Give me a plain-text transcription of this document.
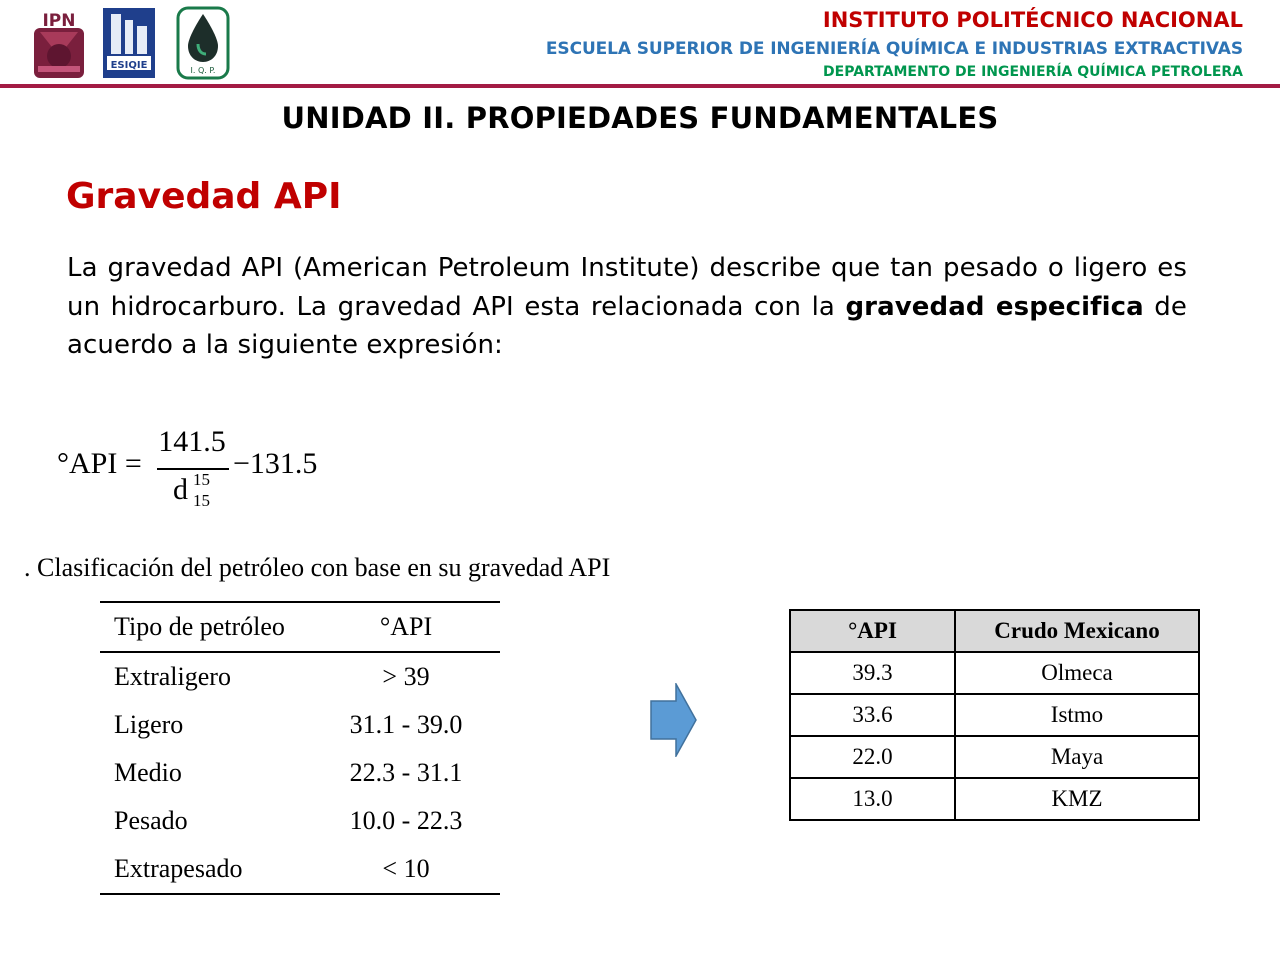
IPN
ESIQIE	I. Q. P.
INSTITUTO POLITÉCNICO NACIONAL
ESCUELA SUPERIOR DE INGENIERÍA QUÍMICA E INDUSTRIAS EXTRACTIVAS
DEPARTAMENTO DE INGENIERÍA QUÍMICA PETROLERA
UNIDAD II. PROPIEDADES FUNDAMENTALES
Gravedad API
La gravedad API (American Petroleum Institute) describe que tan pesado o ligero es un hidrocarburo. La gravedad API esta relacionada con la gravedad especifica de acuerdo a la siguiente expresión:
°API =
141.5
d 15
15
−131.5
. Clasificación del petróleo con base en su gravedad API
Tipo de petróleo	°API
Extraligero	> 39
Ligero	31.1 - 39.0
Medio	22.3 - 31.1
Pesado	10.0 - 22.3
Extrapesado	< 10
°API	Crudo Mexicano
39.3	Olmeca
33.6	Istmo
22.0	Maya
13.0	KMZ
